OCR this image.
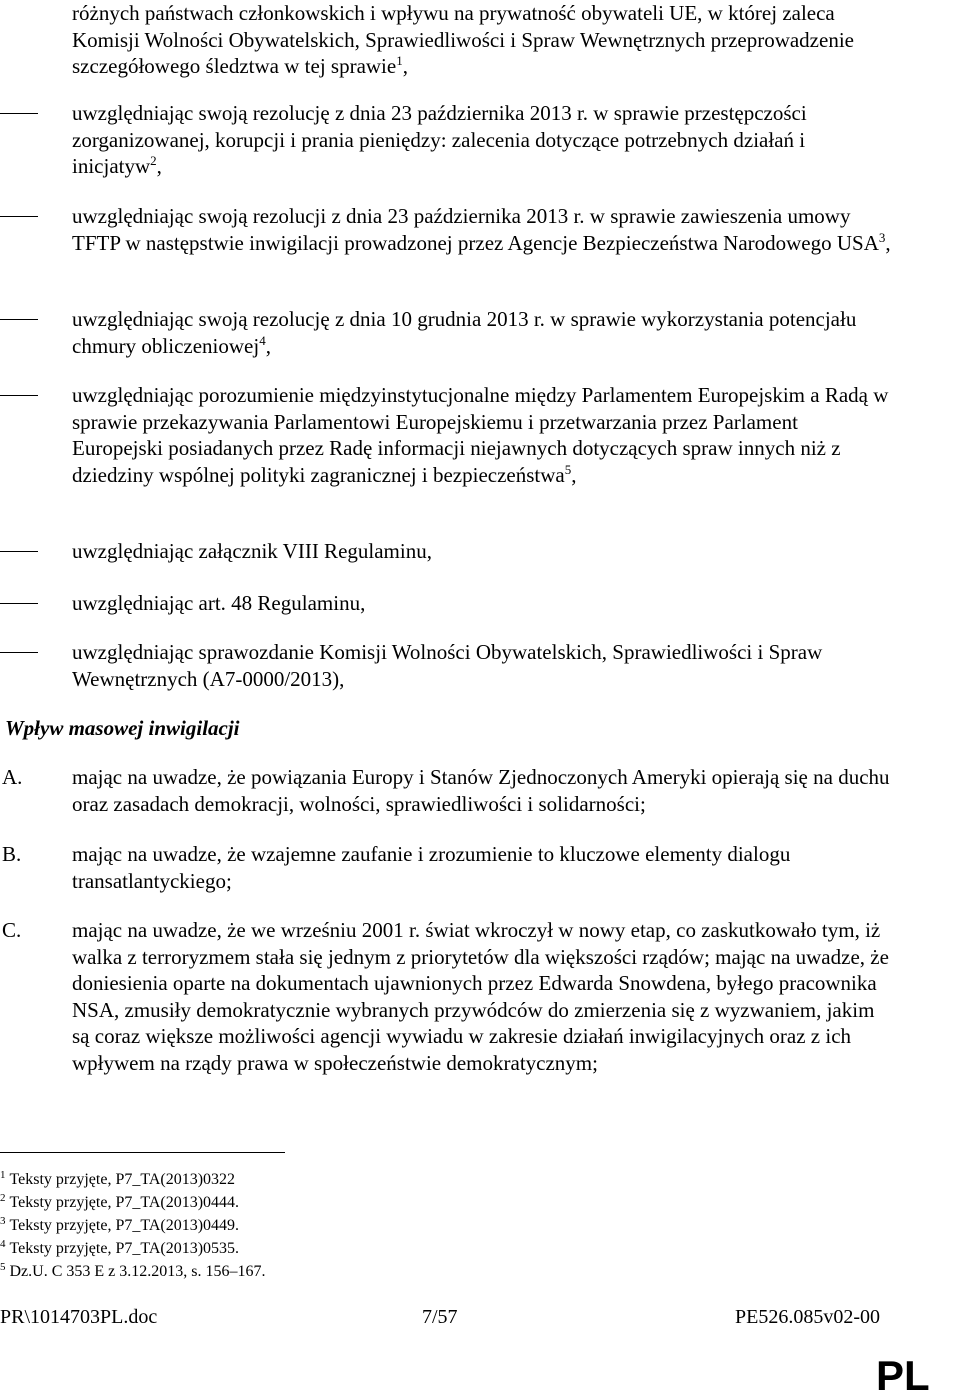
różnych państwach członkowskich i wpływu na prywatność obywateli UE, w której zaleca Komisji Wolności Obywatelskich, Sprawiedliwości i Spraw Wewnętrznych przeprowadzenie szczegółowego śledztwa w tej sprawie$^1$,
uwzględniając swoją rezolucję z dnia 23 października 2013 r. w sprawie przestępczości zorganizowanej, korupcji i prania pieniędzy: zalecenia dotyczące potrzebnych działań i inicjatyw$^2$,
uwzględniając swoją rezolucji z dnia 23 października 2013 r. w sprawie zawieszenia umowy TFTP w następstwie inwigilacji prowadzonej przez Agencje Bezpieczeństwa Narodowego USA$^3$,
uwzględniając swoją rezolucję z dnia 10 grudnia 2013 r. w sprawie wykorzystania potencjału chmury obliczeniowej$^4$,
uwzględniając porozumienie międzyinstytucjonalne między Parlamentem Europejskim a Radą w sprawie przekazywania Parlamentowi Europejskiemu i przetwarzania przez Parlament Europejski posiadanych przez Radę informacji niejawnych dotyczących spraw innych niż z dziedziny wspólnej polityki zagranicznej i bezpieczeństwa$^5$,
uwzględniając załącznik VIII Regulaminu,
uwzględniając art. 48 Regulaminu,
uwzględniając sprawozdanie Komisji Wolności Obywatelskich, Sprawiedliwości i Spraw Wewnętrznych (A7-0000/2013),
Wpływ masowej inwigilacji
A. mając na uwadze, że powiązania Europy i Stanów Zjednoczonych Ameryki opierają się na duchu oraz zasadach demokracji, wolności, sprawiedliwości i solidarności;
B. mając na uwadze, że wzajemne zaufanie i zrozumienie to kluczowe elementy dialogu transatlantyckiego;
C. mając na uwadze, że we wrześniu 2001 r. świat wkroczył w nowy etap, co zaskutkowało tym, iż walka z terroryzmem stała się jednym z priorytetów dla większości rządów; mając na uwadze, że doniesienia oparte na dokumentach ujawnionych przez Edwarda Snowdena, byłego pracownika NSA, zmusiły demokratycznie wybranych przywódców do zmierzenia się z wyzwaniem, jakim są coraz większe możliwości agencji wywiadu w zakresie działań inwigilacyjnych oraz z ich wpływem na rządy prawa w społeczeństwie demokratycznym;
$^1$ Teksty przyjęte, P7_TA(2013)0322
$^2$ Teksty przyjęte, P7_TA(2013)0444.
$^3$ Teksty przyjęte, P7_TA(2013)0449.
$^4$ Teksty przyjęte, P7_TA(2013)0535.
$^5$ Dz.U. C 353 E z 3.12.2013, s. 156–167.
PR\1014703PL.doc	7/57	PE526.085v02-00
PL
